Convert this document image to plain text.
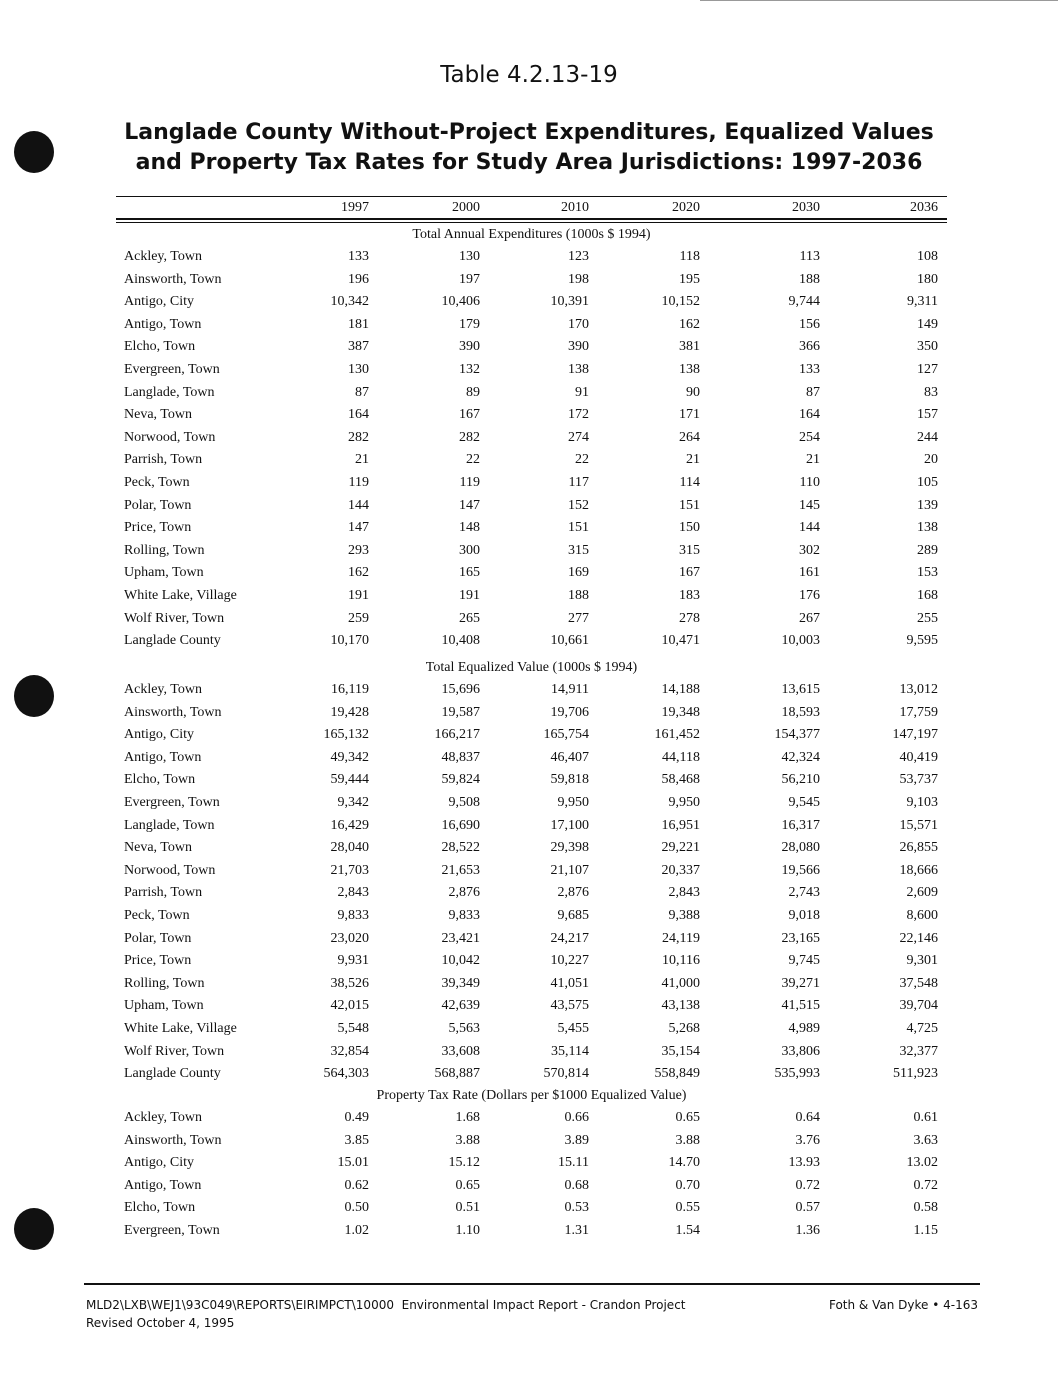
Table 4.2.13-19
Langlade County Without-Project Expenditures, Equalized Values
and Property Tax Rates for Study Area Jurisdictions: 1997-2036
1997	2000	2010	2020	2030	2036
Total Annual Expenditures (1000s $ 1994)
Ackley, Town	133	130	123	118	113	108
Ainsworth, Town	196	197	198	195	188	180
Antigo, City	10,342	10,406	10,391	10,152	9,744	9,311
Antigo, Town	181	179	170	162	156	149
Elcho, Town	387	390	390	381	366	350
Evergreen, Town	130	132	138	138	133	127
Langlade, Town	87	89	91	90	87	83
Neva, Town	164	167	172	171	164	157
Norwood, Town	282	282	274	264	254	244
Parrish, Town	21	22	22	21	21	20
Peck, Town	119	119	117	114	110	105
Polar, Town	144	147	152	151	145	139
Price, Town	147	148	151	150	144	138
Rolling, Town	293	300	315	315	302	289
Upham, Town	162	165	169	167	161	153
White Lake, Village	191	191	188	183	176	168
Wolf River, Town	259	265	277	278	267	255
Langlade County	10,170	10,408	10,661	10,471	10,003	9,595
Total Equalized Value (1000s $ 1994)
Ackley, Town	16,119	15,696	14,911	14,188	13,615	13,012
Ainsworth, Town	19,428	19,587	19,706	19,348	18,593	17,759
Antigo, City	165,132	166,217	165,754	161,452	154,377	147,197
Antigo, Town	49,342	48,837	46,407	44,118	42,324	40,419
Elcho, Town	59,444	59,824	59,818	58,468	56,210	53,737
Evergreen, Town	9,342	9,508	9,950	9,950	9,545	9,103
Langlade, Town	16,429	16,690	17,100	16,951	16,317	15,571
Neva, Town	28,040	28,522	29,398	29,221	28,080	26,855
Norwood, Town	21,703	21,653	21,107	20,337	19,566	18,666
Parrish, Town	2,843	2,876	2,876	2,843	2,743	2,609
Peck, Town	9,833	9,833	9,685	9,388	9,018	8,600
Polar, Town	23,020	23,421	24,217	24,119	23,165	22,146
Price, Town	9,931	10,042	10,227	10,116	9,745	9,301
Rolling, Town	38,526	39,349	41,051	41,000	39,271	37,548
Upham, Town	42,015	42,639	43,575	43,138	41,515	39,704
White Lake, Village	5,548	5,563	5,455	5,268	4,989	4,725
Wolf River, Town	32,854	33,608	35,114	35,154	33,806	32,377
Langlade County	564,303	568,887	570,814	558,849	535,993	511,923
Property Tax Rate (Dollars per $1000 Equalized Value)
Ackley, Town	0.49	1.68	0.66	0.65	0.64	0.61
Ainsworth, Town	3.85	3.88	3.89	3.88	3.76	3.63
Antigo, City	15.01	15.12	15.11	14.70	13.93	13.02
Antigo, Town	0.62	0.65	0.68	0.70	0.72	0.72
Elcho, Town	0.50	0.51	0.53	0.55	0.57	0.58
Evergreen, Town	1.02	1.10	1.31	1.54	1.36	1.15
MLD2\LXB\WEJ1\93C049\REPORTS\EIRIMPCT\10000 Environmental Impact Report - Crandon Project
Revised October 4, 1995
Foth & Van Dyke • 4-163
